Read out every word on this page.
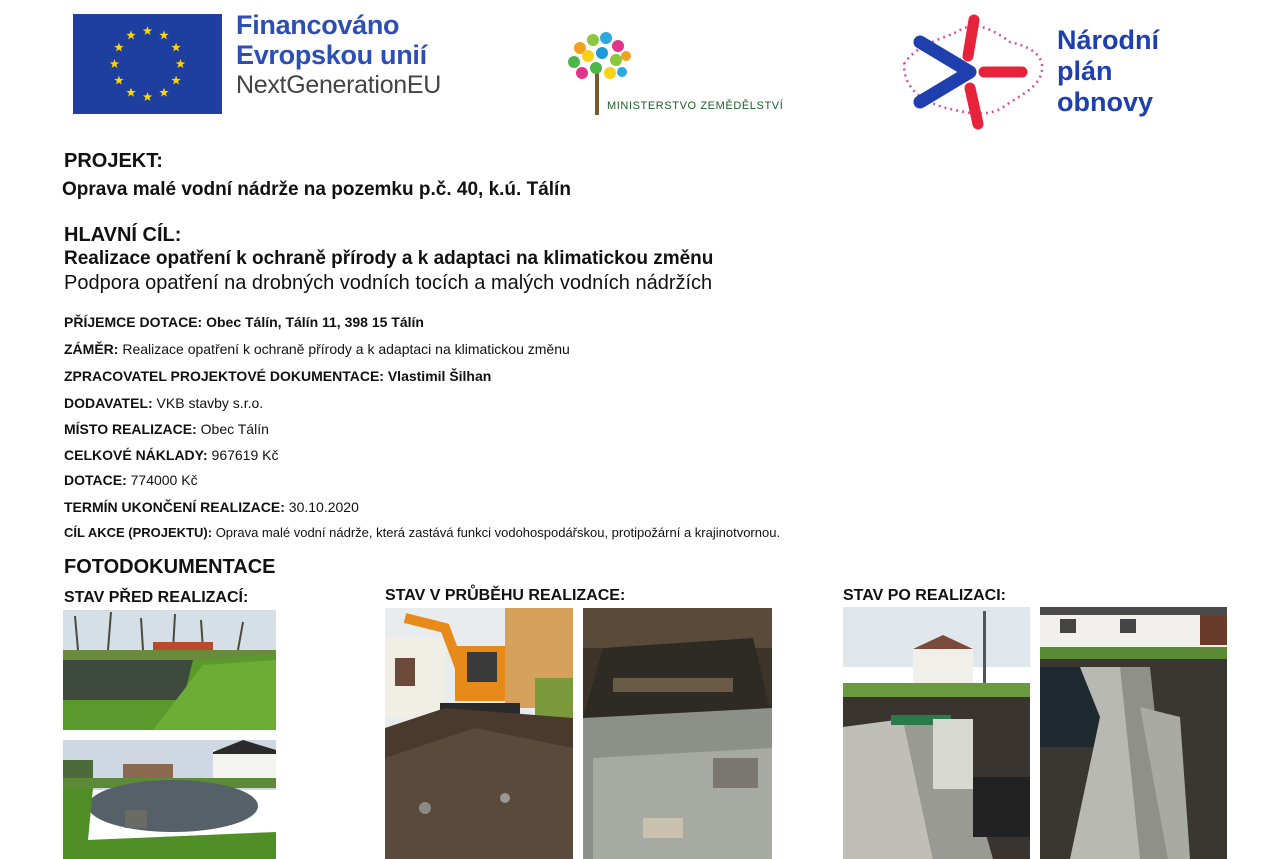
Financováno
Evropskou unií
NextGenerationEU
MINISTERSTVO ZEMĚDĚLSTVÍ
Národní
plán
obnovy
PROJEKT:
Oprava malé vodní nádrže na pozemku p.č. 40, k.ú. Tálín
HLAVNÍ CÍL:
Realizace opatření k ochraně přírody a k adaptaci na klimatickou změnu
Podpora opatření na drobných vodních tocích a malých vodních nádržích
PŘÍJEMCE DOTACE: Obec Tálín, Tálín 11, 398 15 Tálín
ZÁMĚR: Realizace opatření k ochraně přírody a k adaptaci na klimatickou změnu
ZPRACOVATEL PROJEKTOVÉ DOKUMENTACE: Vlastimil Šilhan
DODAVATEL: VKB stavby s.r.o.
MÍSTO REALIZACE: Obec Tálín
CELKOVÉ NÁKLADY: 967619 Kč
DOTACE: 774000 Kč
TERMÍN UKONČENÍ REALIZACE: 30.10.2020
CÍL AKCE (PROJEKTU): Oprava malé vodní nádrže, která zastává funkci vodohospodářskou, protipožární a krajinotvornou.
FOTODOKUMENTACE
STAV PŘED REALIZACÍ:	STAV V PRŮBĚHU REALIZACE:	STAV PO REALIZACI:
